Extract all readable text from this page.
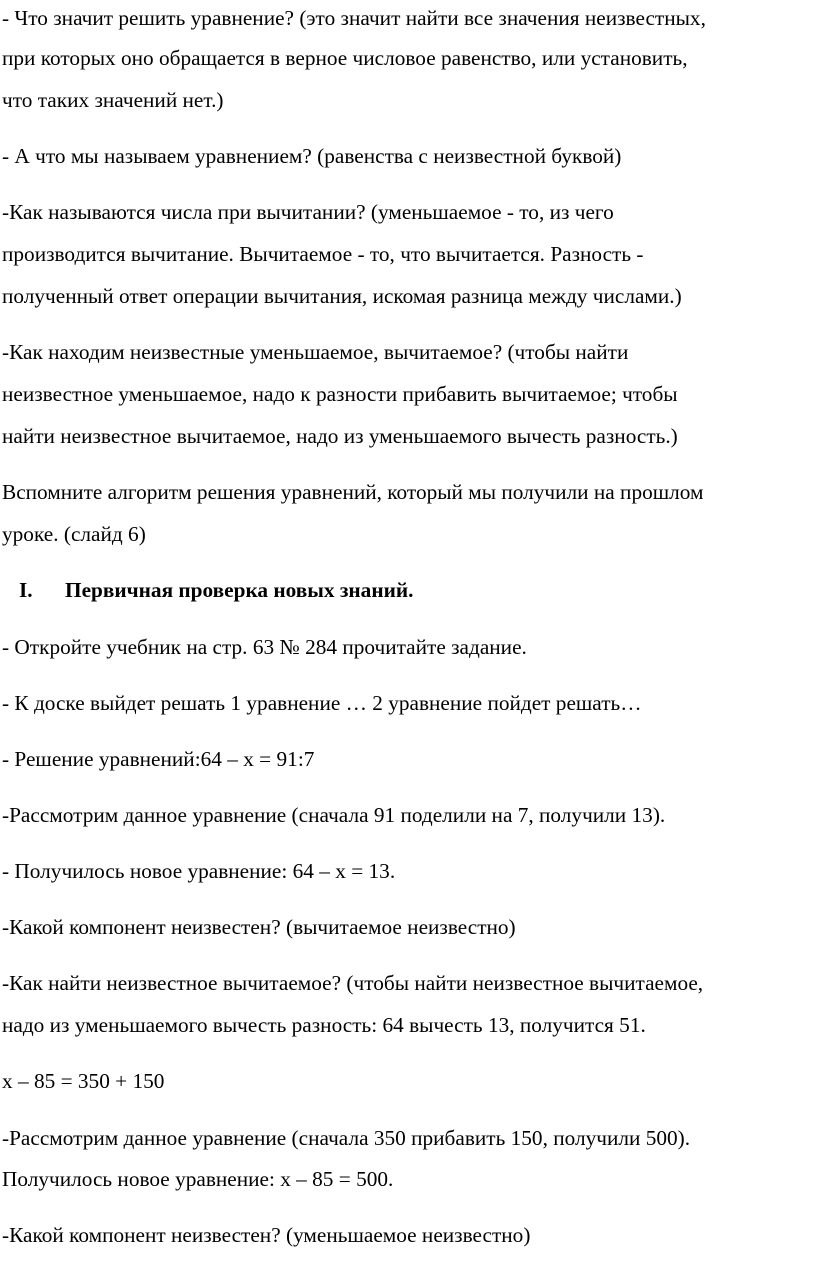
- Что значит решить уравнение? (это значит найти все значения неизвестных,
при которых оно обращается в верное числовое равенство, или установить,
что таких значений нет.)
- А что мы называем уравнением? (равенства с неизвестной буквой)
-Как называются числа при вычитании? (уменьшаемое - то, из чего
производится вычитание. Вычитаемое - то, что вычитается. Разность -
полученный ответ операции вычитания, искомая разница между числами.)
-Как находим неизвестные уменьшаемое, вычитаемое? (чтобы найти
неизвестное уменьшаемое, надо к разности прибавить вычитаемое; чтобы
найти неизвестное вычитаемое, надо из уменьшаемого вычесть разность.)
Вспомните алгоритм решения уравнений, который мы получили на прошлом
уроке. (слайд 6)
I. Первичная проверка новых знаний.
- Откройте учебник на стр. 63 № 284 прочитайте задание.
- К доске выйдет решать 1 уравнение … 2 уравнение пойдет решать…
- Решение уравнений:64 – х = 91:7
-Рассмотрим данное уравнение (сначала 91 поделили на 7, получили 13).
- Получилось новое уравнение: 64 – х = 13.
-Какой компонент неизвестен? (вычитаемое неизвестно)
-Как найти неизвестное вычитаемое? (чтобы найти неизвестное вычитаемое,
надо из уменьшаемого вычесть разность: 64 вычесть 13, получится 51.
х – 85 = 350 + 150
-Рассмотрим данное уравнение (сначала 350 прибавить 150, получили 500).
Получилось новое уравнение: х – 85 = 500.
-Какой компонент неизвестен? (уменьшаемое неизвестно)
